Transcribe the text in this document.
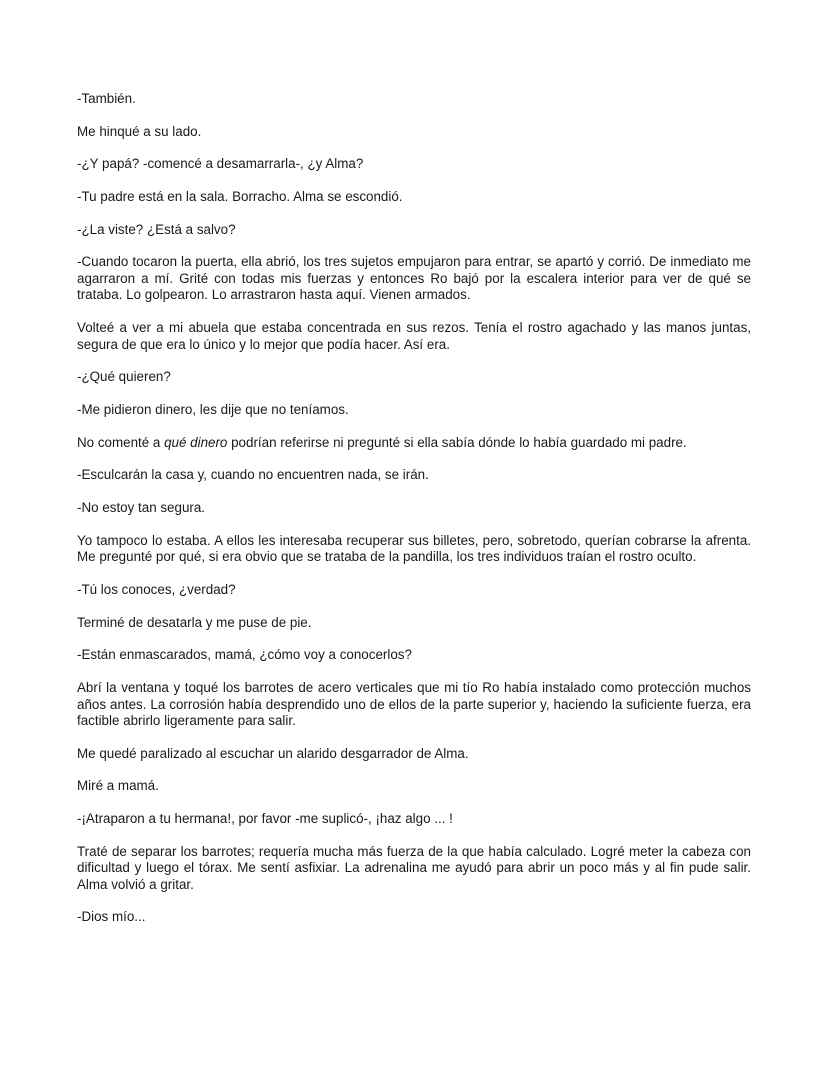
-También.

Me hinqué a su lado.

-¿Y papá? -comencé a desamarrarla-, ¿y Alma?

-Tu padre está en la sala. Borracho. Alma se escondió.

-¿La viste? ¿Está a salvo?

-Cuando tocaron la puerta, ella abrió, los tres sujetos empujaron para entrar, se apartó y corrió. De inmediato me agarraron a mí. Grité con todas mis fuerzas y entonces Ro bajó por la escalera interior para ver de qué se trataba. Lo golpearon. Lo arrastraron hasta aquí. Vienen armados.

Volteé a ver a mi abuela que estaba concentrada en sus rezos. Tenía el rostro agachado y las manos juntas, segura de que era lo único y lo mejor que podía hacer. Así era.

-¿Qué quieren?

-Me pidieron dinero, les dije que no teníamos.

No comenté a qué dinero podrían referirse ni pregunté si ella sabía dónde lo había guardado mi padre.

-Esculcarán la casa y, cuando no encuentren nada, se irán.

-No estoy tan segura.

Yo tampoco lo estaba. A ellos les interesaba recuperar sus billetes, pero, sobretodo, querían cobrarse la afrenta. Me pregunté por qué, si era obvio que se trataba de la pandilla, los tres individuos traían el rostro oculto.

-Tú los conoces, ¿verdad?

Terminé de desatarla y me puse de pie.

-Están enmascarados, mamá, ¿cómo voy a conocerlos?

Abrí la ventana y toqué los barrotes de acero verticales que mi tío Ro había instalado como protección muchos años antes. La corrosión había desprendido uno de ellos de la parte superior y, haciendo la suficiente fuerza, era factible abrirlo ligeramente para salir.

Me quedé paralizado al escuchar un alarido desgarrador de Alma.

Miré a mamá.

-¡Atraparon a tu hermana!, por favor -me suplicó-, ¡haz algo ... !

Traté de separar los barrotes; requería mucha más fuerza de la que había calculado. Logré meter la cabeza con dificultad y luego el tórax. Me sentí asfixiar. La adrenalina me ayudó para abrir un poco más y al fin pude salir. Alma volvió a gritar.

-Dios mío...
